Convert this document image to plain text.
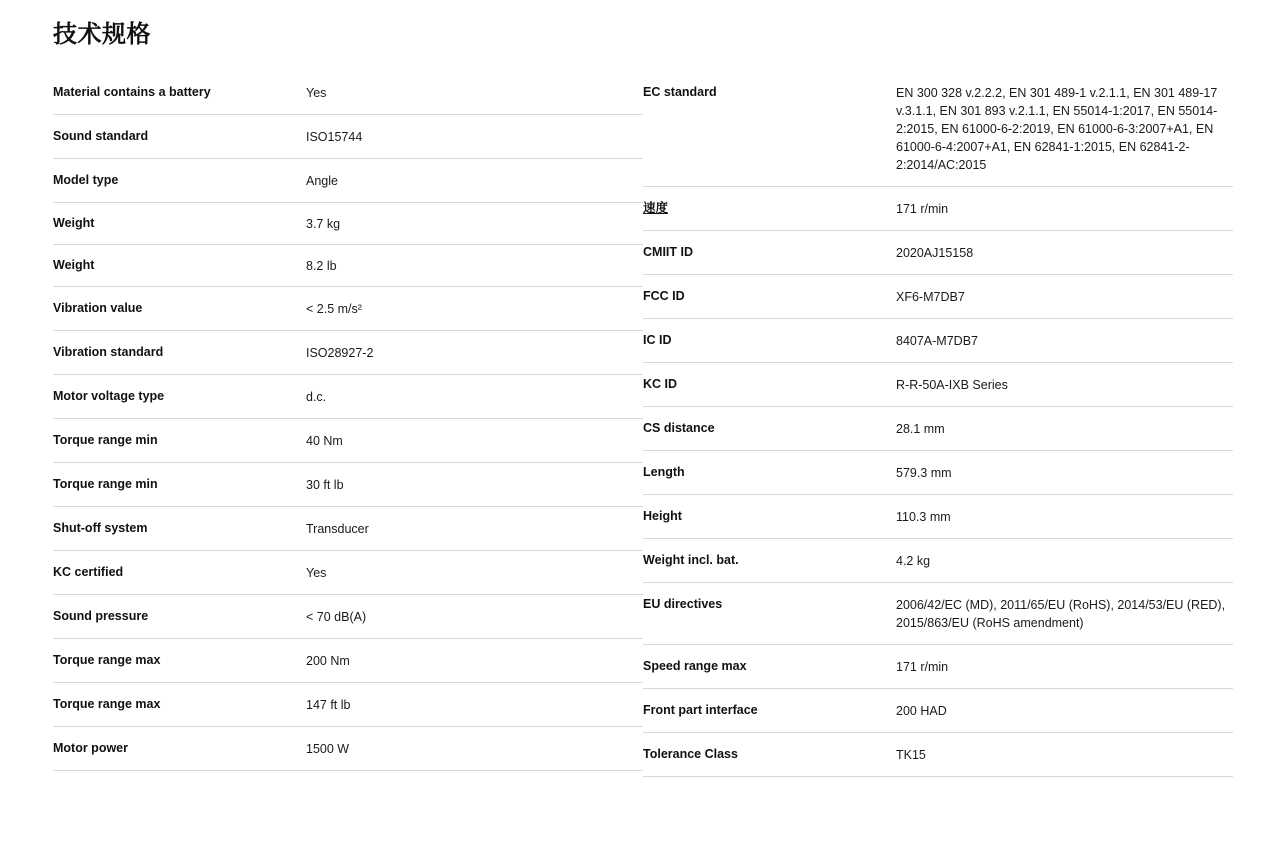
技术规格
Material contains a battery	Yes
Sound standard	ISO15744
Model type	Angle
Weight	3.7 kg
Weight	8.2 lb
Vibration value	< 2.5 m/s²
Vibration standard	ISO28927-2
Motor voltage type	d.c.
Torque range min	40 Nm
Torque range min	30 ft lb
Shut-off system	Transducer
KC certified	Yes
Sound pressure	< 70 dB(A)
Torque range max	200 Nm
Torque range max	147 ft lb
Motor power	1500 W
EC standard	EN 300 328 v.2.2.2, EN 301 489-1 v.2.1.1, EN 301 489-17 v.3.1.1, EN 301 893 v.2.1.1, EN 55014-1:2017, EN 55014-2:2015, EN 61000-6-2:2019, EN 61000-6-3:2007+A1, EN 61000-6-4:2007+A1, EN 62841-1:2015, EN 62841-2-2:2014/AC:2015
速度	171 r/min
CMIIT ID	2020AJ15158
FCC ID	XF6-M7DB7
IC ID	8407A-M7DB7
KC ID	R-R-50A-IXB Series
CS distance	28.1 mm
Length	579.3 mm
Height	110.3 mm
Weight incl. bat.	4.2 kg
EU directives	2006/42/EC (MD), 2011/65/EU (RoHS), 2014/53/EU (RED), 2015/863/EU (RoHS amendment)
Speed range max	171 r/min
Front part interface	200 HAD
Tolerance Class	TK15
